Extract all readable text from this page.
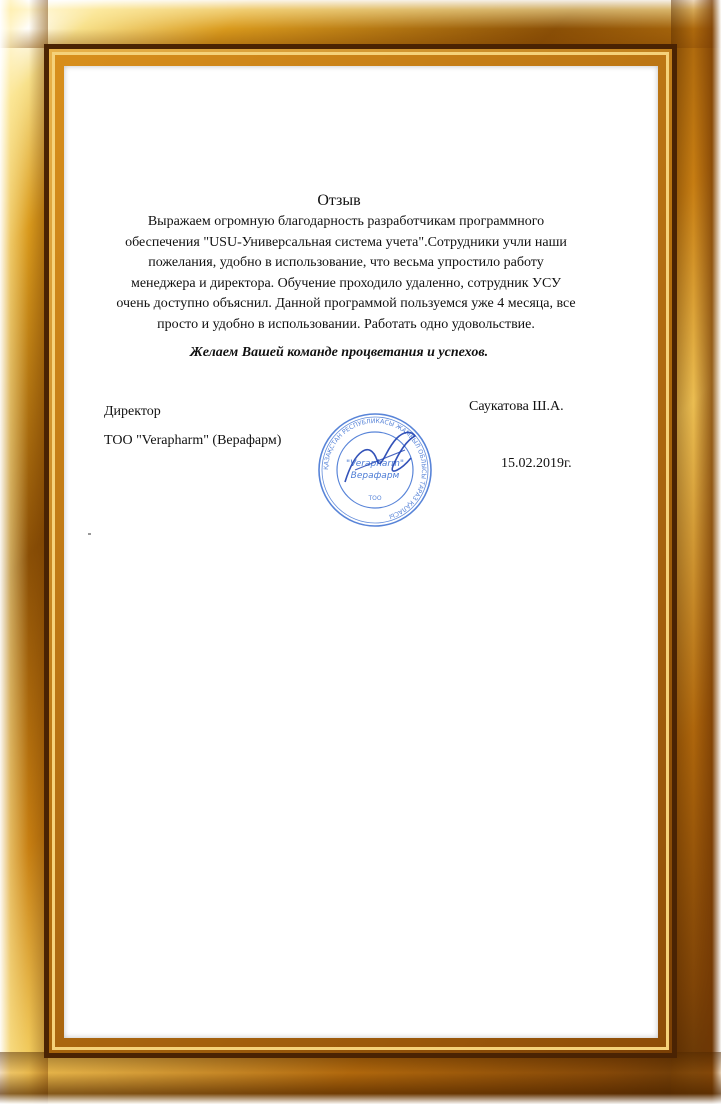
Отзыв
Выражаем огромную благодарность разработчикам программного обеспечения "USU-Универсальная система учета".Сотрудники учли наши пожелания, удобно в использование, что весьма упростило работу менеджера и директора. Обучение проходило удаленно, сотрудник УСУ очень доступно объяснил. Данной программой пользуемся уже 4 месяца, все просто и удобно в использовании. Работать одно удовольствие.
Желаем Вашей команде процветания и успехов.
Директор	Саукатова Ш.А.
ТОО "Verapharm" (Верафарм)
15.02.2019г.
ҚАЗАҚСТАН РЕСПУБЛИКАСЫ ЖАМБЫЛ ОБЛЫСЫ ТАРАЗ ҚАЛАСЫ
"Verapharm"
Верафарм
ТОО
